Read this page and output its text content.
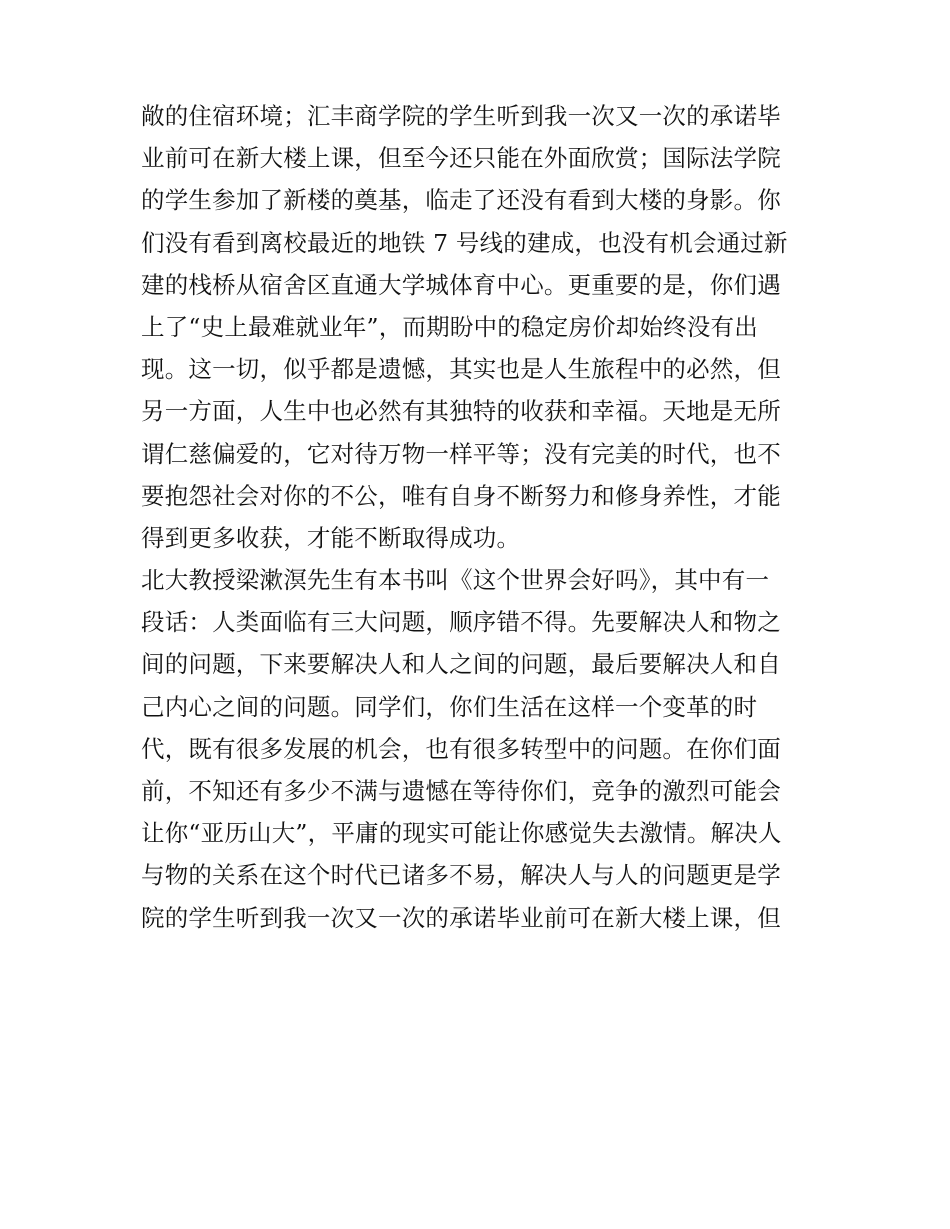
敞的住宿环境；汇丰商学院的学生听到我一次又一次的承诺毕
业前可在新大楼上课，但至今还只能在外面欣赏；国际法学院
的学生参加了新楼的奠基，临走了还没有看到大楼的身影。你
们没有看到离校最近的地铁 7 号线的建成，也没有机会通过新
建的栈桥从宿舍区直通大学城体育中心。更重要的是，你们遇
上了“史上最难就业年”，而期盼中的稳定房价却始终没有出
现。这一切，似乎都是遗憾，其实也是人生旅程中的必然，但
另一方面，人生中也必然有其独特的收获和幸福。天地是无所
谓仁慈偏爱的，它对待万物一样平等；没有完美的时代，也不
要抱怨社会对你的不公，唯有自身不断努力和修身养性，才能
得到更多收获，才能不断取得成功。
北大教授梁漱溟先生有本书叫《这个世界会好吗》，其中有一
段话：人类面临有三大问题，顺序错不得。先要解决人和物之
间的问题，下来要解决人和人之间的问题，最后要解决人和自
己内心之间的问题。同学们，你们生活在这样一个变革的时
代，既有很多发展的机会，也有很多转型中的问题。在你们面
前，不知还有多少不满与遗憾在等待你们，竞争的激烈可能会
让你“亚历山大”，平庸的现实可能让你感觉失去激情。解决人
与物的关系在这个时代已诸多不易，解决人与人的问题更是学
院的学生听到我一次又一次的承诺毕业前可在新大楼上课，但
